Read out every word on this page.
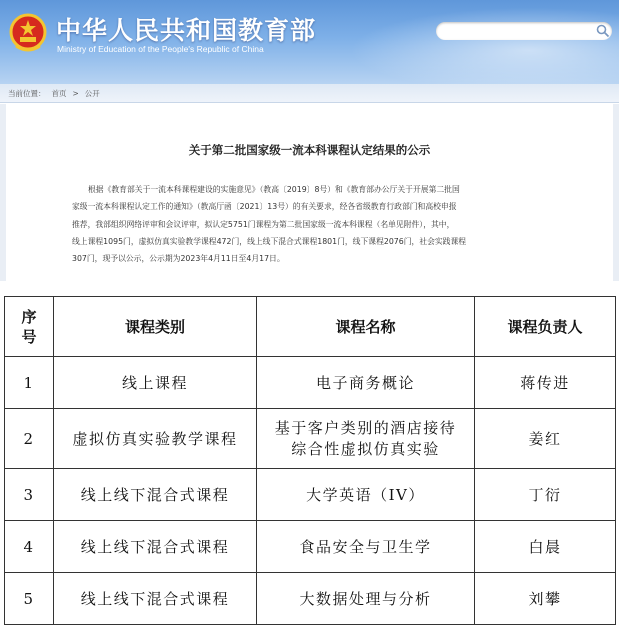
中华人民共和国教育部
Ministry of Education of the People's Republic of China
当前位置： 首页 > 公开
关于第二批国家级一流本科课程认定结果的公示
根据《教育部关于一流本科课程建设的实施意见》（教高〔2019〕8号）和《教育部办公厅关于开展第二批国
家级一流本科课程认定工作的通知》（教高厅函〔2021〕13号）的有关要求，经各省级教育行政部门和高校申报
推荐，我部组织网络评审和会议评审，拟认定5751门课程为第二批国家级一流本科课程（名单见附件），其中，
线上课程1095门，虚拟仿真实验教学课程472门，线上线下混合式课程1801门，线下课程2076门，社会实践课程
307门，现予以公示，公示期为2023年4月11日至4月17日。
序
号	课程类别	课程名称	课程负责人
1	线上课程	电子商务概论	蒋传进
2	虚拟仿真实验教学课程	基于客户类别的酒店接待
综合性虚拟仿真实验	姜红
3	线上线下混合式课程	大学英语（IV）	丁衍
4	线上线下混合式课程	食品安全与卫生学	白晨
5	线上线下混合式课程	大数据处理与分析	刘攀
